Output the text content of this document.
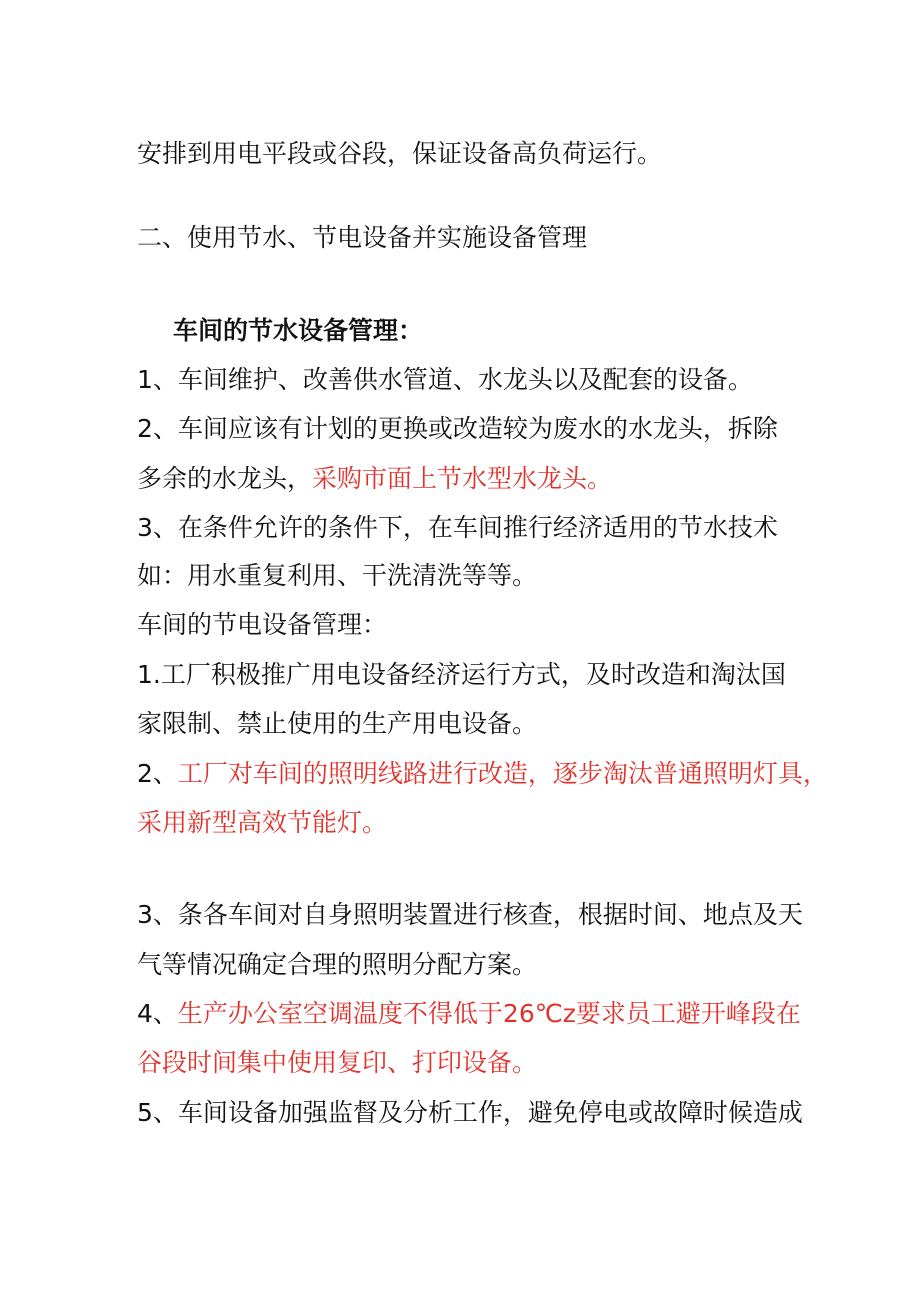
安排到用电平段或谷段，保证设备高负荷运行。
二、使用节水、节电设备并实施设备管理
车间的节水设备管理：
1、车间维护、改善供水管道、水龙头以及配套的设备。
2、车间应该有计划的更换或改造较为废水的水龙头，拆除
多余的水龙头，采购市面上节水型水龙头。
3、在条件允许的条件下，在车间推行经济适用的节水技术
如：用水重复利用、干洗清洗等等。
车间的节电设备管理：
1.工厂积极推广用电设备经济运行方式，及时改造和淘汰国
家限制、禁止使用的生产用电设备。
2、工厂对车间的照明线路进行改造，逐步淘汰普通照明灯具，
采用新型高效节能灯。
3、条各车间对自身照明装置进行核查，根据时间、地点及天
气等情况确定合理的照明分配方案。
4、生产办公室空调温度不得低于26℃z要求员工避开峰段在
谷段时间集中使用复印、打印设备。
5、车间设备加强监督及分析工作，避免停电或故障时候造成
